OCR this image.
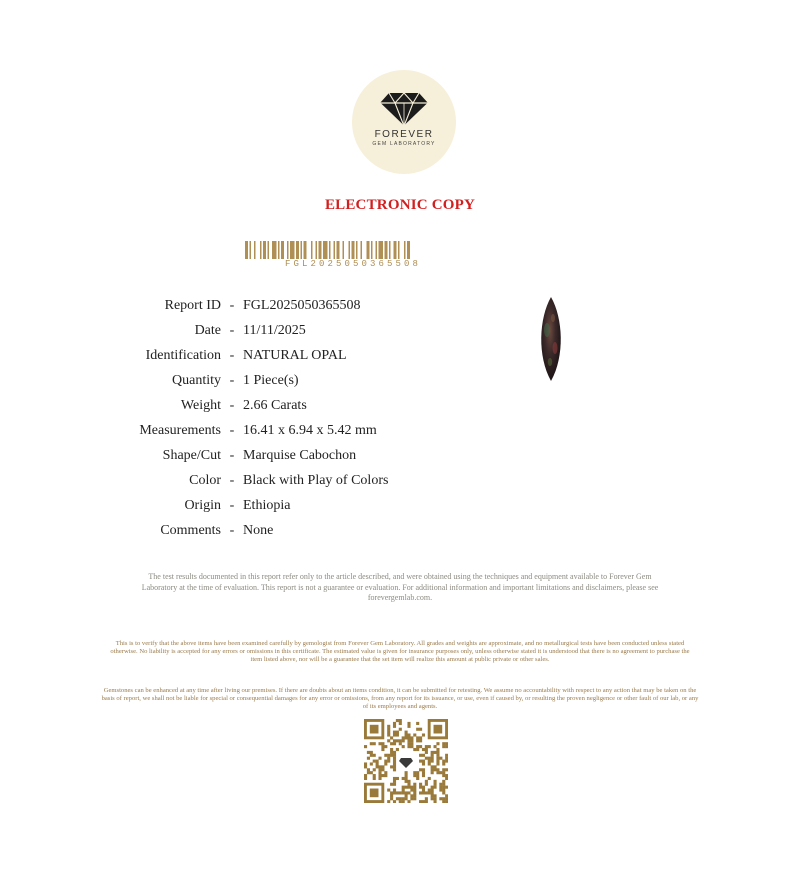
FOREVER
GEM LABORATORY
ELECTRONIC COPY
FGL2025050365508
Report ID - FGL2025050365508
Date - 11/11/2025
Identification - NATURAL OPAL
Quantity - 1 Piece(s)
Weight - 2.66 Carats
Measurements - 16.41 x 6.94 x 5.42 mm
Shape/Cut - Marquise Cabochon
Color - Black with Play of Colors
Origin - Ethiopia
Comments - None
The test results documented in this report refer only to the article described, and were obtained using the techniques and equipment available to Forever Gem Laboratory at the time of evaluation. This report is not a guarantee or evaluation. For additional information and important limitations and disclaimers, please see forevergemlab.com.
This is to verify that the above items have been examined carefully by gemologist from Forever Gem Laboratory. All grades and weights are approximate, and no metallurgical tests have been conducted unless stated otherwise. No liability is accepted for any errors or omissions in this certificate. The estimated value is given for insurance purposes only, unless otherwise stated it is understood that there is no agreement to purchase the item listed above, nor will be a guarantee that the set item will realize this amount at public private or other sales.
Gemstones can be enhanced at any time after living our premises. If there are doubts about an items condition, it can be submitted for retesting. We assume no accountability with respect to any action that may be taken on the basis of report, we shall not be liable for special or consequential damages for any error or omissions, from any report for its issuance, or use, even if caused by, or resulting the proven negligence or other fault of our lab, or any of its employees and agents.
